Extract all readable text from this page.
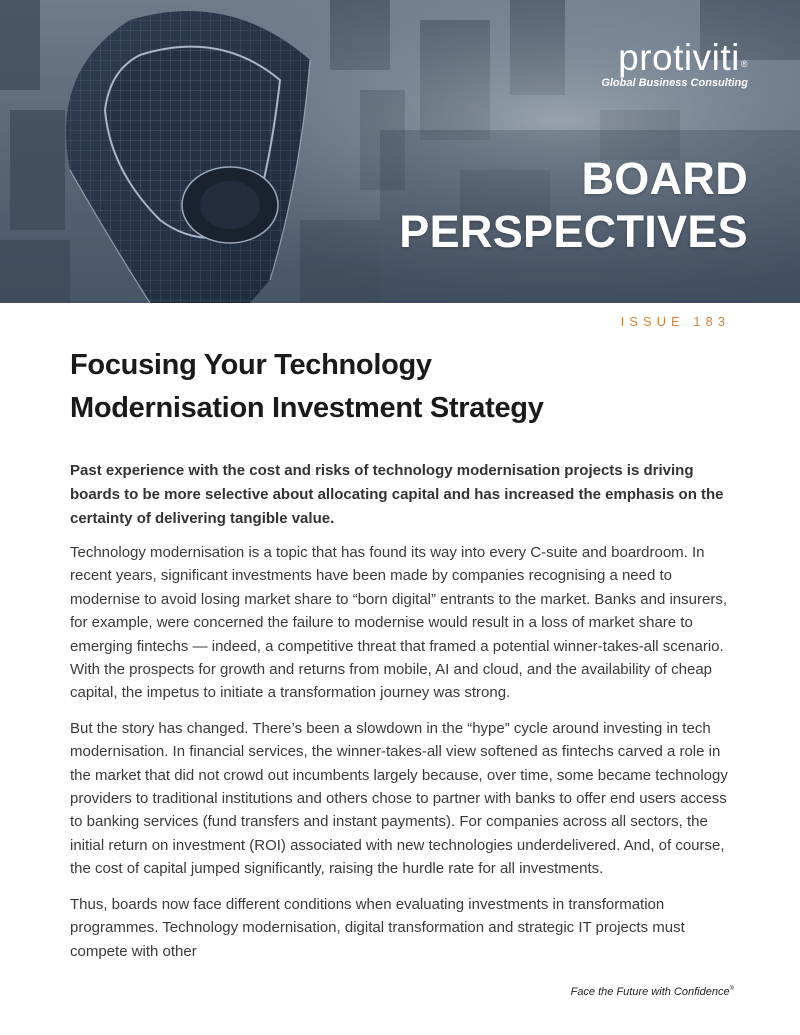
protiviti®
Global Business Consulting
BOARD
PERSPECTIVES
ISSUE 183
Focusing Your Technology
Modernisation Investment Strategy
Past experience with the cost and risks of technology modernisation projects is driving boards to be more selective about allocating capital and has increased the emphasis on the certainty of delivering tangible value.

Technology modernisation is a topic that has found its way into every C-suite and boardroom. In recent years, significant investments have been made by companies recognising a need to modernise to avoid losing market share to “born digital” entrants to the market. Banks and insurers, for example, were concerned the failure to modernise would result in a loss of market share to emerging fintechs — indeed, a competitive threat that framed a potential winner-takes-all scenario. With the prospects for growth and returns from mobile, AI and cloud, and the availability of cheap capital, the impetus to initiate a transformation journey was strong.

But the story has changed. There’s been a slowdown in the “hype” cycle around investing in tech modernisation. In financial services, the winner-takes-all view softened as fintechs carved a role in the market that did not crowd out incumbents largely because, over time, some became technology providers to traditional institutions and others chose to partner with banks to offer end users access to banking services (fund transfers and instant payments). For companies across all sectors, the initial return on investment (ROI) associated with new technologies underdelivered. And, of course, the cost of capital jumped significantly, raising the hurdle rate for all investments.

Thus, boards now face different conditions when evaluating investments in transformation programmes. Technology modernisation, digital transformation and strategic IT projects must compete with other

Face the Future with Confidence®
